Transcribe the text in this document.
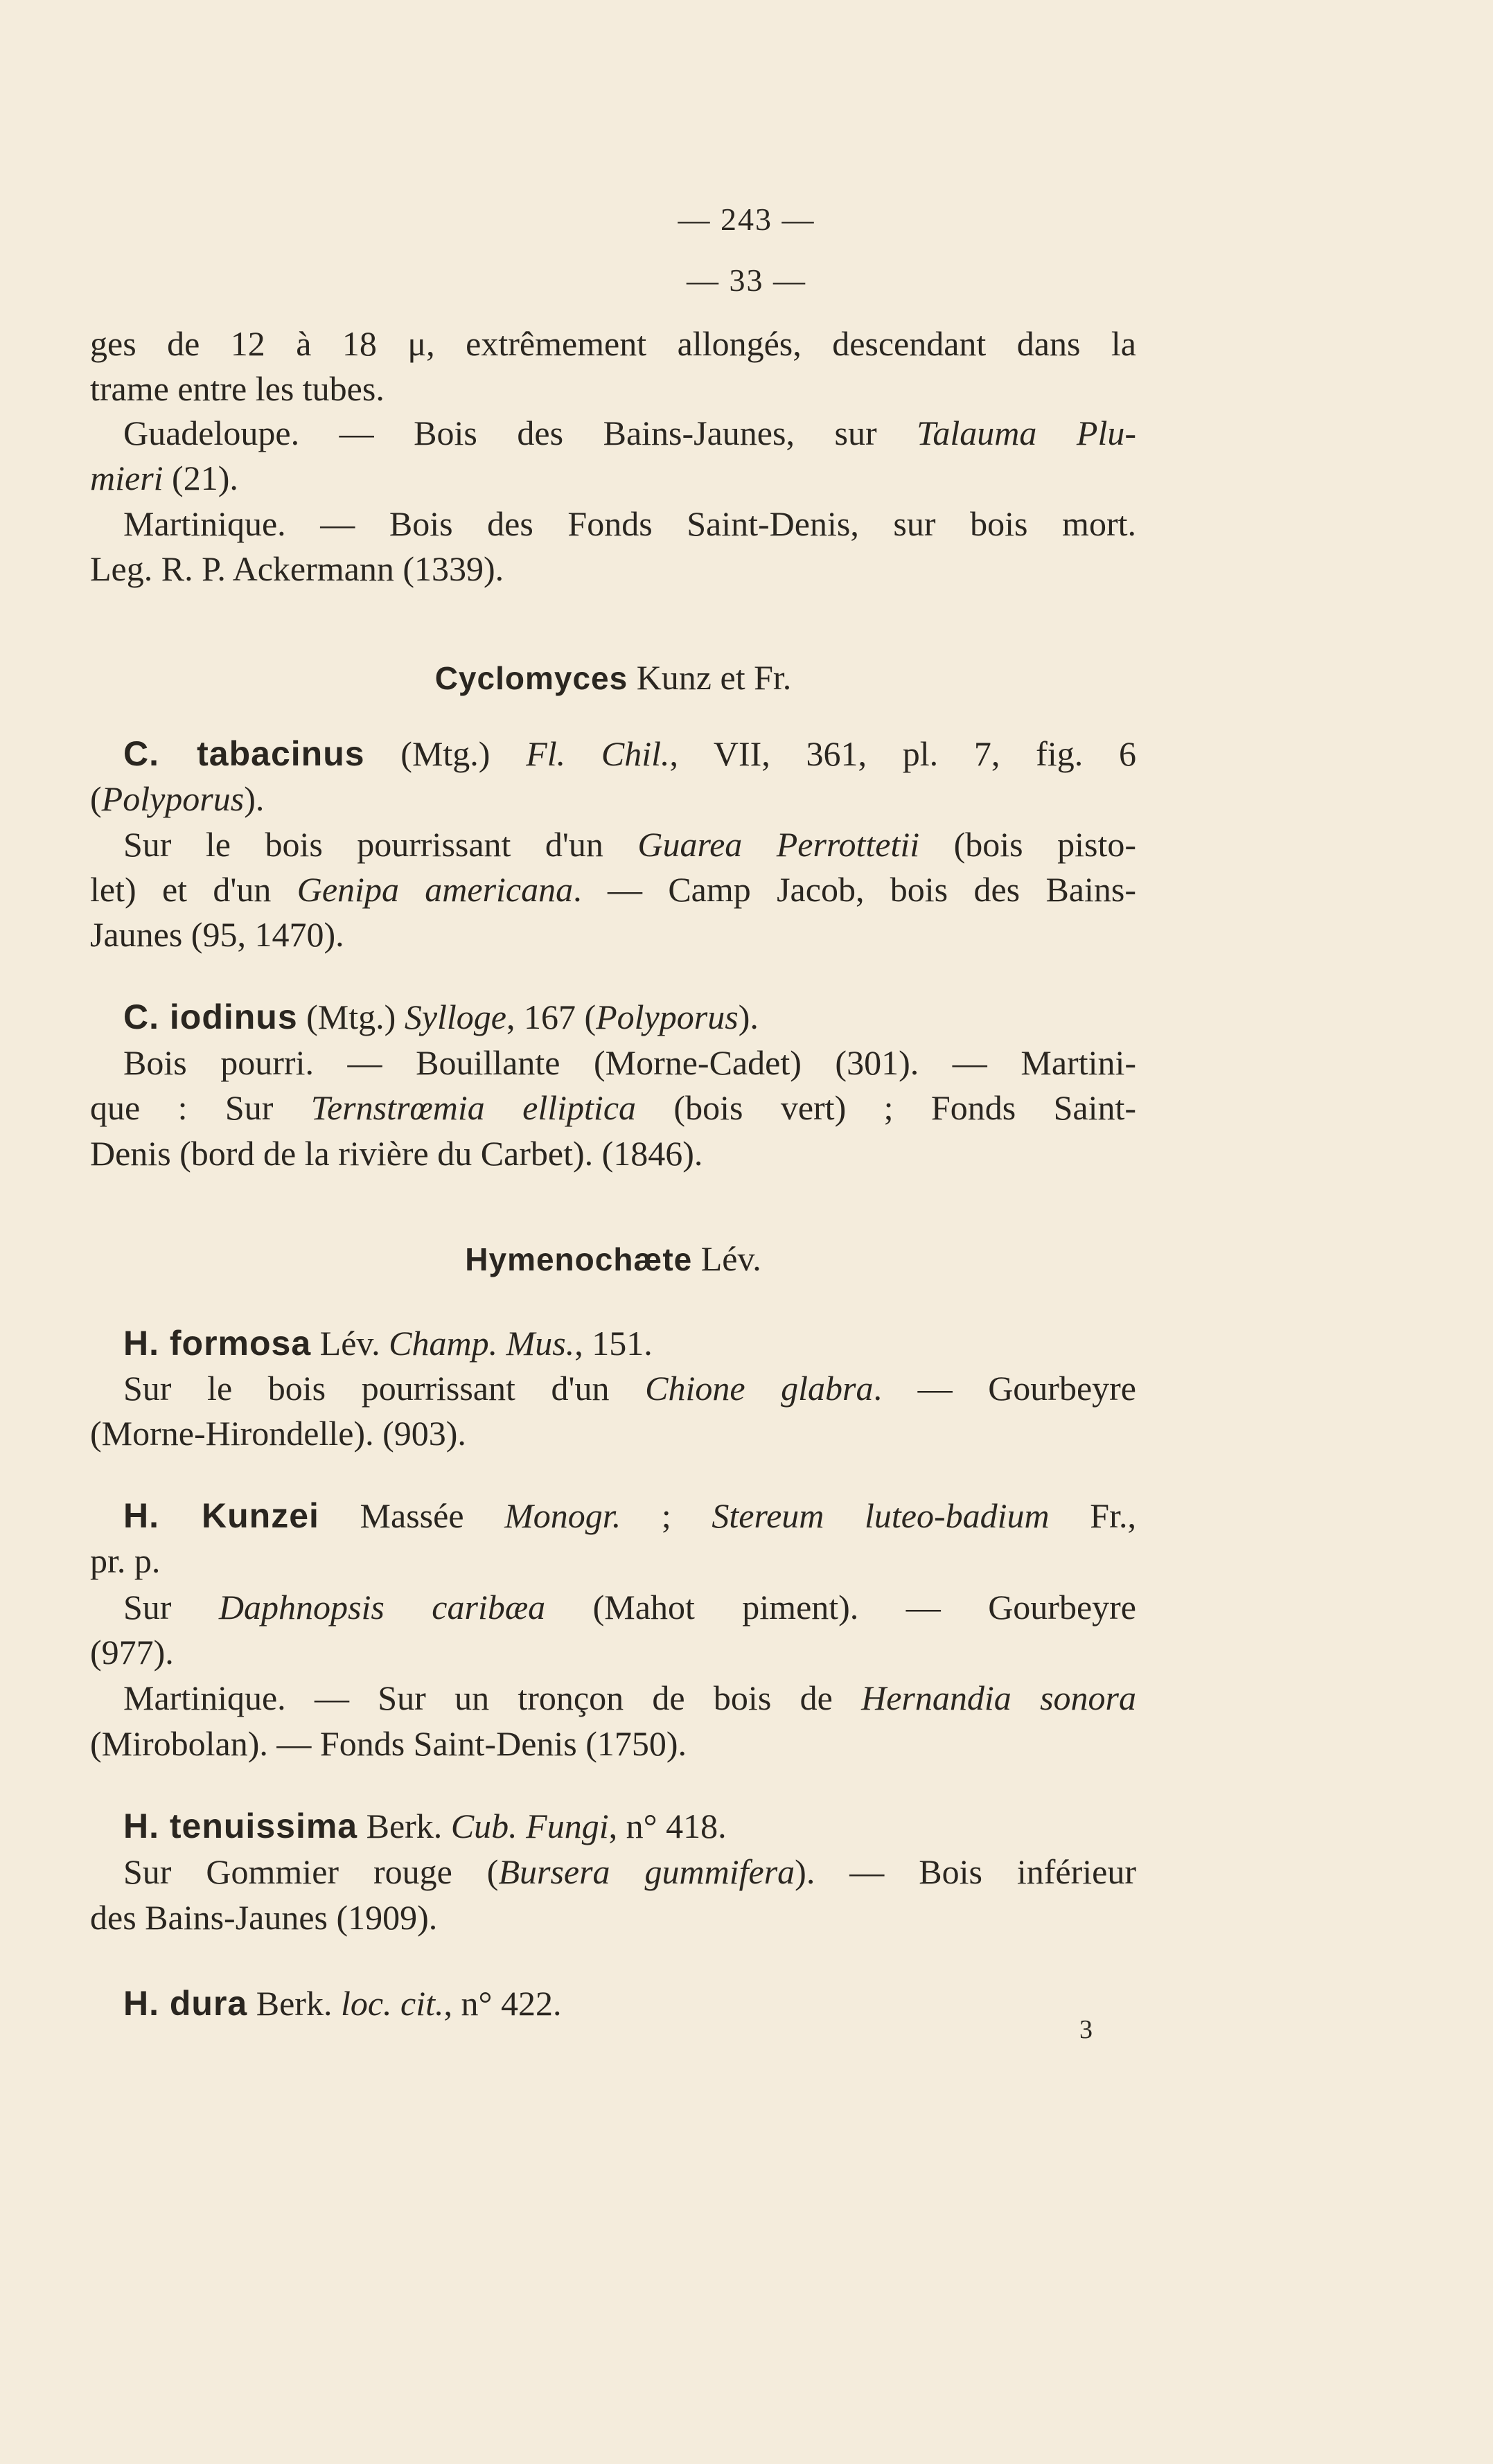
— 243 —
— 33 —
ges de 12 à 18 μ, extrêmement allongés, descendant dans la
trame entre les tubes.
Guadeloupe. — Bois des Bains-Jaunes, sur Talauma Plu-
mieri (21).
Martinique. — Bois des Fonds Saint-Denis, sur bois mort.
Leg. R. P. Ackermann (1339).
Cyclomyces Kunz et Fr.
C. tabacinus (Mtg.) Fl. Chil., VII, 361, pl. 7, fig. 6
(Polyporus).
Sur le bois pourrissant d'un Guarea Perrottetii (bois pisto-
let) et d'un Genipa americana. — Camp Jacob, bois des Bains-
Jaunes (95, 1470).
C. iodinus (Mtg.) Sylloge, 167 (Polyporus).
Bois pourri. — Bouillante (Morne-Cadet) (301). — Martini-
que : Sur Ternstrœmia elliptica (bois vert) ; Fonds Saint-
Denis (bord de la rivière du Carbet). (1846).
Hymenochæte Lév.
H. formosa Lév. Champ. Mus., 151.
Sur le bois pourrissant d'un Chione glabra. — Gourbeyre
(Morne-Hirondelle). (903).
H. Kunzei Massée Monogr. ; Stereum luteo-badium Fr.,
pr. p.
Sur Daphnopsis caribæa (Mahot piment). — Gourbeyre
(977).
Martinique. — Sur un tronçon de bois de Hernandia sonora
(Mirobolan). — Fonds Saint-Denis (1750).
H. tenuissima Berk. Cub. Fungi, n° 418.
Sur Gommier rouge (Bursera gummifera). — Bois inférieur
des Bains-Jaunes (1909).
H. dura Berk. loc. cit., n° 422.
3
